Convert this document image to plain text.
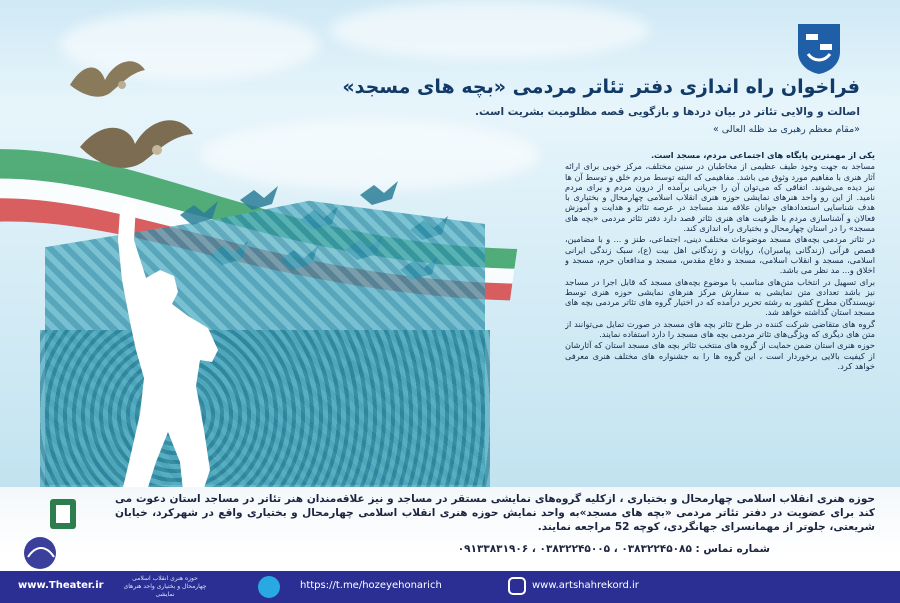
فراخوان راه اندازی دفتر تئاتر مردمی «بچه های مسجد»
اصالت و والایی تئاتر در بیان دردها و بازگویی قصه مظلومیت بشریت است.
«مقام معظم رهبری مد ظله العالی »

یکی از مهمترین پایگاه های اجتماعی مردم، مسجد است.

مساجد به جهت وجود طیف عظیمی از مخاطبان در سنین مختلف، مرکز خوبی برای ارائه آثار هنری با مفاهیم مورد وثوق می باشد. مفاهیمی که البته توسط مردم خلق و توسط آن ها نیز دیده می‌شوند. اتفاقی که می‌توان آن را جریانی برآمده از درون مردم و برای مردم نامید. از این رو واحد هنرهای نمایشی حوزه هنری انقلاب اسلامی چهارمحال و بختیاری با هدف شناسایی استعدادهای جوانان علاقه مند مساجد در عرصه تئاتر و هدایت و آموزش فعالان و آشناسازی مردم با ظرفیت های هنری تئاتر قصد دارد دفتر تئاتر مردمی «بچه های مسجد» را در استان چهارمحال و بختیاری راه اندازی کند.

در تئاتر مردمی بچه‌های مسجد موضوعات مختلف دینی، اجتماعی، طنز و ... و با مضامین، قصص قرآنی (زندگانی پیامبران)، روایات و زندگانی اهل بیت (ع)، سبک زندگی ایرانی اسلامی، مسجد و انقلاب اسلامی، مسجد و دفاع مقدس، مسجد و مدافعان حرم، مسجد و اخلاق و... مد نظر می باشد.

برای تسهیل در انتخاب متن‌های مناسب با موضوع بچه‌های مسجد که قابل اجرا در مساجد نیز باشد تعدادی متن نمایشی به سفارش مرکز هنرهای نمایشی حوزه هنری توسط نویسندگان مطرح کشور به رشته تحریر درآمده که در اختیار گروه های تئاتر مردمی بچه های مسجد استان گذاشته خواهد شد.

گروه های متقاضی شرکت کننده در طرح تئاتر بچه های مسجد در صورت تمایل می‌توانند از متن های دیگری که ویژگی‌های تئاتر مردمی بچه های مسجد را دارد استفاده نمایند.

حوزه هنری استان ضمن حمایت از گروه های منتخب تئاتر بچه های مسجد استان که آثارشان از کیفیت بالایی برخوردار است ، این گروه ها را به جشنواره های مختلف هنری معرفی خواهد کرد.

حوزه هنری انقلاب اسلامی چهارمحال و بختیاری ، ازکلیه گروه‌های نمایشی مستقر در مساجد و نیز علاقه‌مندان هنر تئاتر در مساجد استان دعوت می کند برای عضویت در دفتر تئاتر مردمی «بچه های مسجد»به واحد نمایش حوزه هنری انقلاب اسلامی چهارمحال و بختیاری واقع در شهرکرد، خیابان شریعتی، جلوتر از مهمانسرای جهانگردی، کوچه 52 مراجعه نمایند.
شماره تماس : ۰۳۸۳۲۲۴۵۰۸۵ ، ۰۳۸۳۲۲۴۵۰۰۵ ، ۰۹۱۳۳۸۳۱۹۰۶
www.Theater.ir
حوزه هنری انقلاب اسلامی چهارمحال و بختیاری واحد هنرهای نمایشی
https://t.me/hozeyehonarich	www.artshahrekord.ir
